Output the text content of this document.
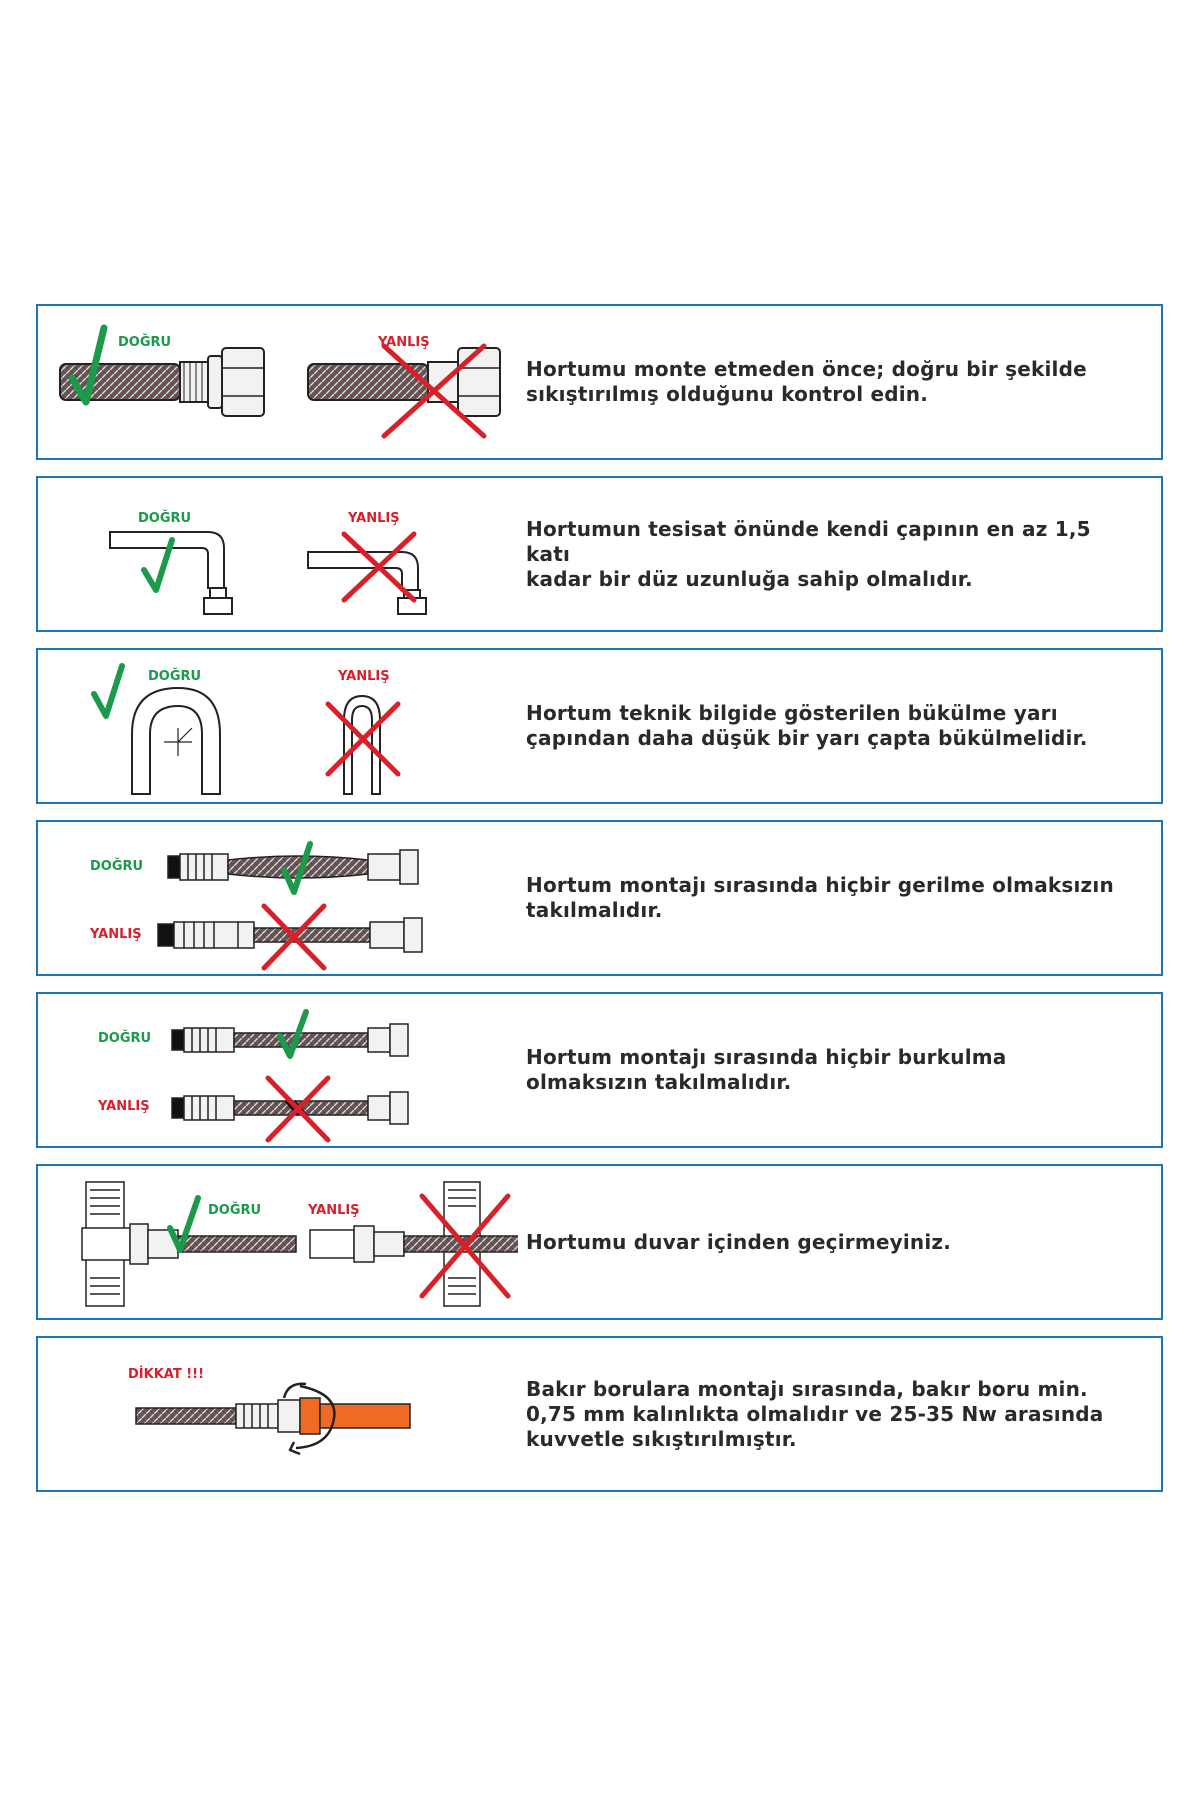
DOĞRU	YANLIŞ

Hortumu monte etmeden önce; doğru bir şekilde
sıkıştırılmış olduğunu kontrol edin.

DOĞRU	YANLIŞ	Hortumun tesisat önünde kendi çapının en az 1,5 katı
kadar bir düz uzunluğa sahip olmalıdır.

DOĞRU	YANLIŞ

Hortum teknik bilgide gösterilen bükülme yarı
çapından daha düşük bir yarı çapta bükülmelidir.

DOĞRU
YANLIŞ

Hortum montajı sırasında hiçbir gerilme olmaksızın
takılmalıdır.

DOĞRU
YANLIŞ

Hortum montajı sırasında hiçbir burkulma
olmaksızın takılmalıdır.

DOĞRU	YANLIŞ

Hortumu duvar içinden geçirmeyiniz.

DİKKAT !!!

Bakır borulara montajı sırasında, bakır boru min.
0,75 mm kalınlıkta olmalıdır ve 25-35 Nw arasında
kuvvetle sıkıştırılmıştır.
